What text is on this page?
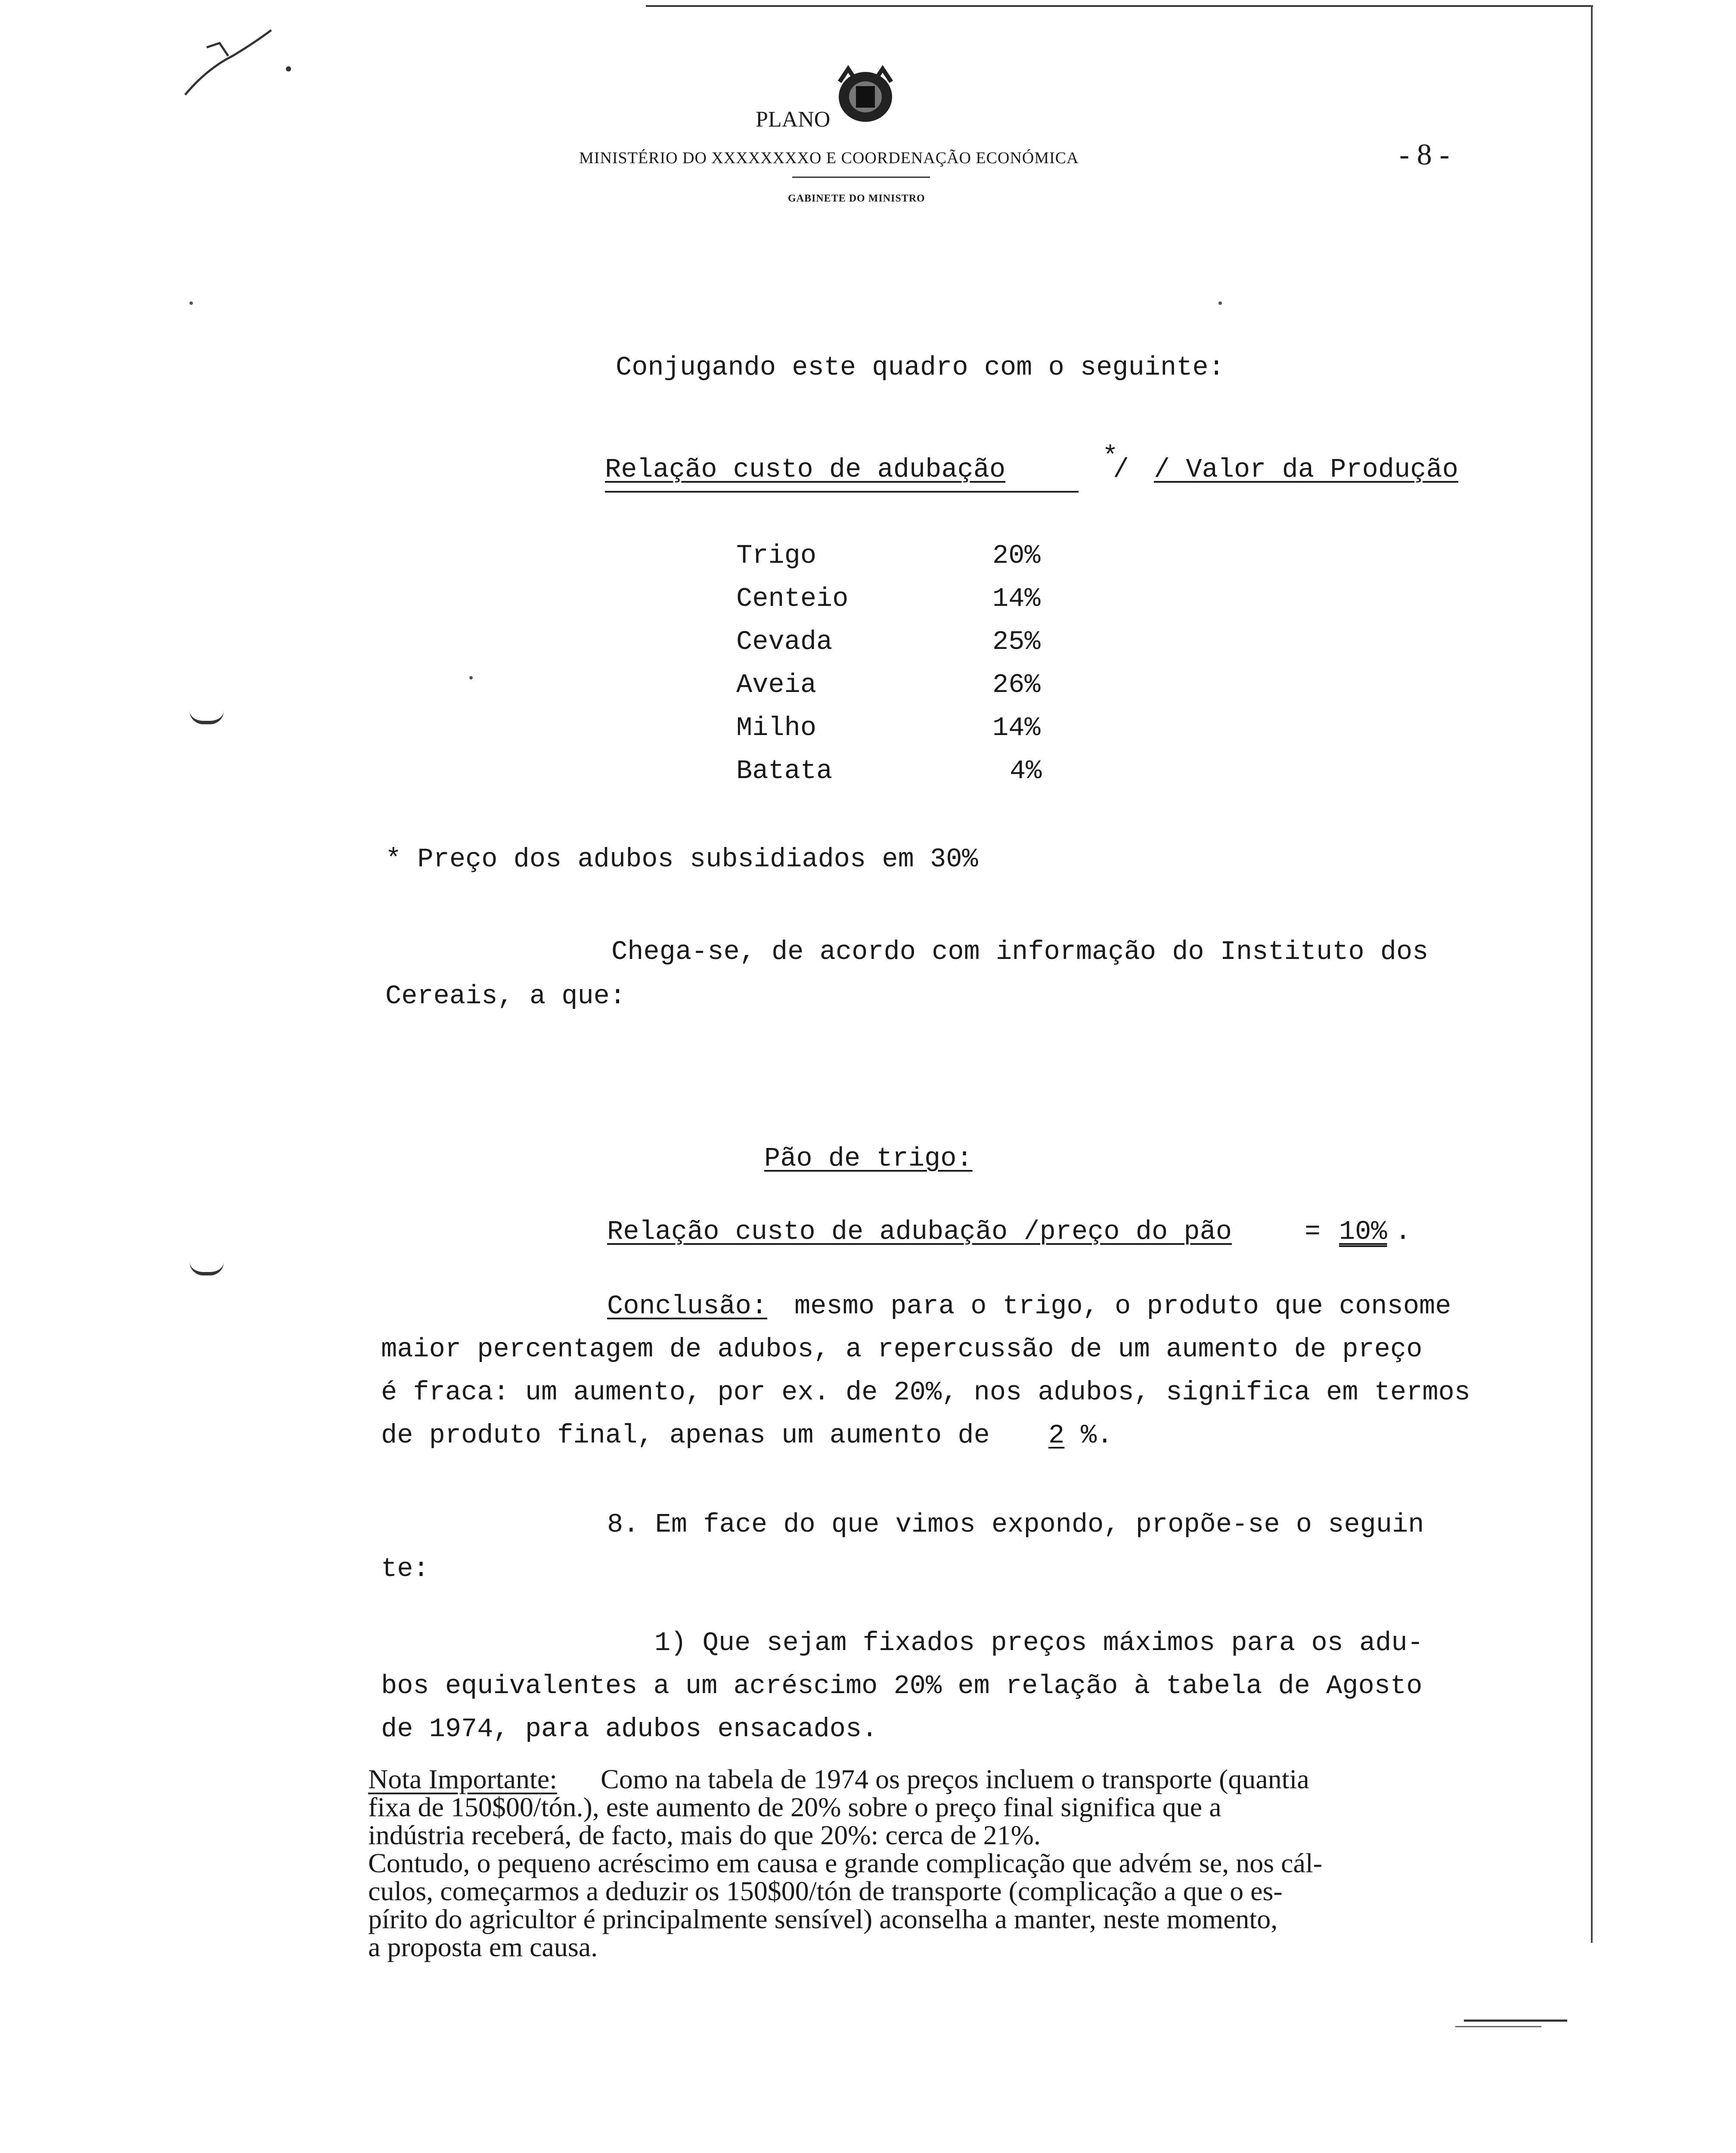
PLANO
MINISTÉRIO DO XXXXXXXXO E COORDENAÇÃO ECONÓMICA
GABINETE DO MINISTRO
- 8 -

Conjugando este quadro com o seguinte:

Relação custo de adubação	*
/ / Valor da Produção
Trigo	20%
Centeio	14%
Cevada	25%
Aveia	26%
Milho	14%
Batata	4%
* Preço dos adubos subsidiados em 30%
Chega-se, de acordo com informação do Instituto dos
Cereais, a que:
Pão de trigo:
Relação custo de adubação /preço do pão	= 10% .
Conclusão: mesmo para o trigo, o produto que consome
maior percentagem de adubos, a repercussão de um aumento de preço
é fraca: um aumento, por ex. de 20%, nos adubos, significa em termos
de produto final, apenas um aumento de 2 %.
8. Em face do que vimos expondo, propõe-se o seguin
te:
1) Que sejam fixados preços máximos para os adu-
bos equivalentes a um acréscimo 20% em relação à tabela de Agosto
de 1974, para adubos ensacados.
Nota Importante: Como na tabela de 1974 os preços incluem o transporte (quantia
fixa de 150$00/tón.), este aumento de 20% sobre o preço final significa que a
indústria receberá, de facto, mais do que 20%: cerca de 21%.
Contudo, o pequeno acréscimo em causa e grande complicação que advém se, nos cál-
culos, começarmos a deduzir os 150$00/tón de transporte (complicação a que o es-
pírito do agricultor é principalmente sensível) aconselha a manter, neste momento,
a proposta em causa.
